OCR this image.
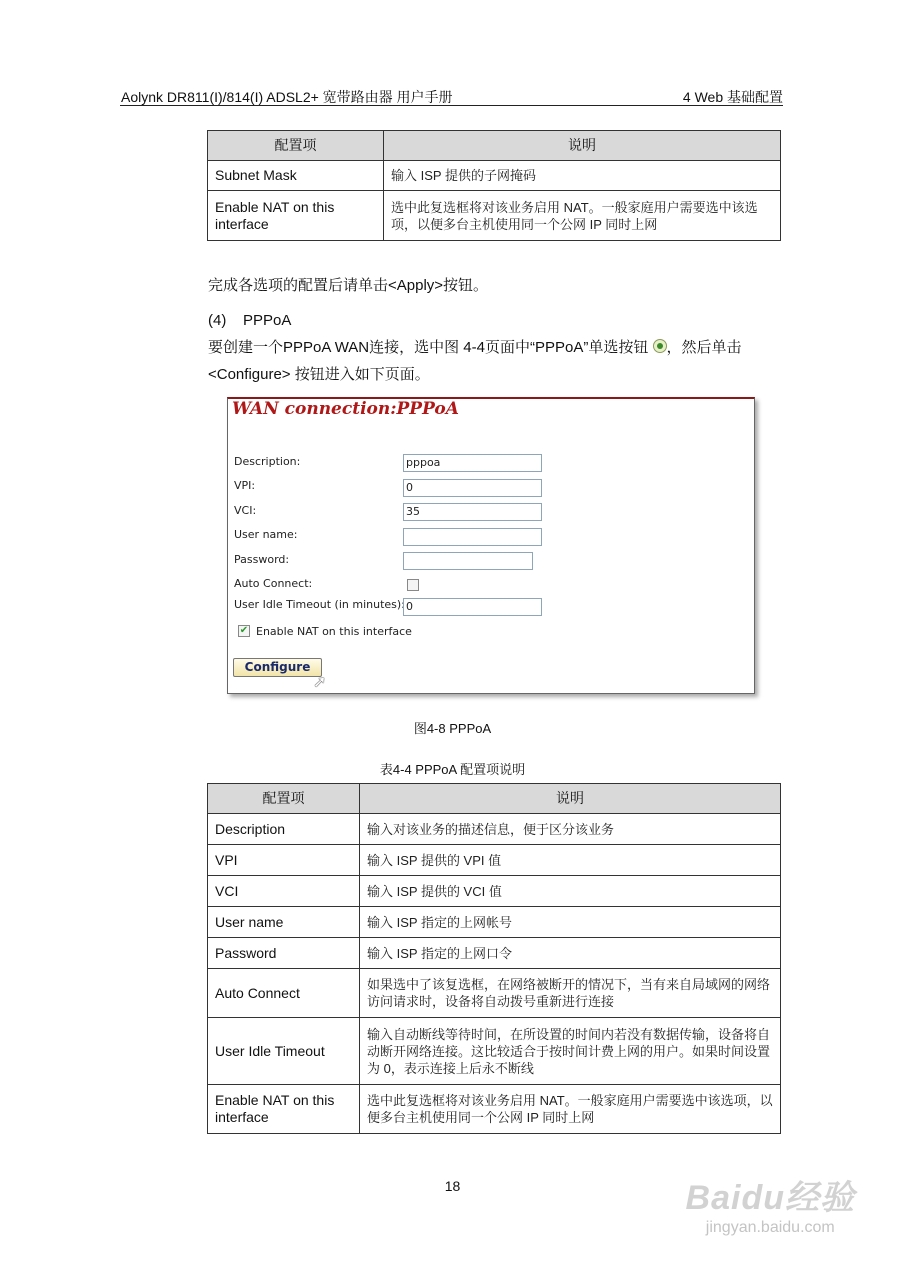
Aolynk DR811(I)/814(I) ADSL2+ 宽带路由器 用户手册	4 Web 基础配置
配置项	说明
Subnet Mask	输入 ISP 提供的子网掩码
Enable NAT on this interface	选中此复选框将对该业务启用 NAT。一般家庭用户需要选中该选项，以便多台主机使用同一个公网 IP 同时上网
完成各选项的配置后请单击<Apply>按钮。
(4)    PPPoA
要创建一个PPPoA WAN连接，选中图 4-4页面中“PPPoA”单选按钮 ，然后单击<Configure> 按钮进入如下页面。
WAN connection:PPPoA
Description:	pppoa
VPI:	0
VCI:	35
User name:
Password:
Auto Connect:
User Idle Timeout (in minutes): 0
✔ Enable NAT on this interface
Configure
➚
图4-8 PPPoA
表4-4 PPPoA 配置项说明
配置项	说明
Description	输入对该业务的描述信息，便于区分该业务
VPI	输入 ISP 提供的 VPI 值
VCI	输入 ISP 提供的 VCI 值
User name	输入 ISP 指定的上网帐号
Password	输入 ISP 指定的上网口令
Auto Connect	如果选中了该复选框，在网络被断开的情况下，当有来自局域网的网络访问请求时，设备将自动拨号重新进行连接
User Idle Timeout	输入自动断线等待时间，在所设置的时间内若没有数据传输，设备将自动断开网络连接。这比较适合于按时间计费上网的用户。如果时间设置为 0，表示连接上后永不断线
Enable NAT on this interface	选中此复选框将对该业务启用 NAT。一般家庭用户需要选中该选项，以便多台主机使用同一个公网 IP 同时上网
18	Baidu经验
jingyan.baidu.com
